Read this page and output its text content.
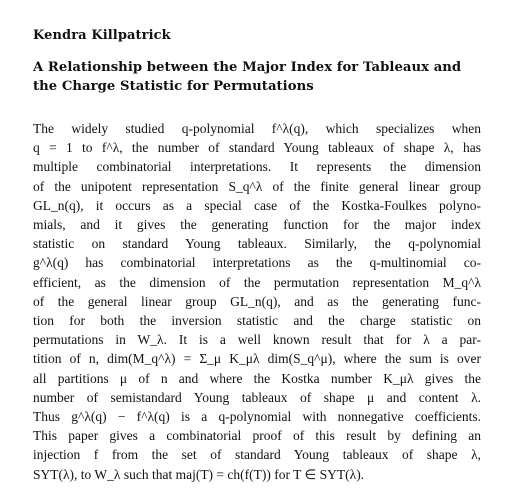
Kendra Killpatrick
A Relationship between the Major Index for Tableaux and
the Charge Statistic for Permutations
The widely studied q-polynomial f^λ(q), which specializes when
q = 1 to f^λ, the number of standard Young tableaux of shape λ, has
multiple combinatorial interpretations. It represents the dimension
of the unipotent representation S_q^λ of the finite general linear group
GL_n(q), it occurs as a special case of the Kostka-Foulkes polyno-
mials, and it gives the generating function for the major index
statistic on standard Young tableaux. Similarly, the q-polynomial
g^λ(q) has combinatorial interpretations as the q-multinomial co-
efficient, as the dimension of the permutation representation M_q^λ
of the general linear group GL_n(q), and as the generating func-
tion for both the inversion statistic and the charge statistic on
permutations in W_λ. It is a well known result that for λ a par-
tition of n, dim(M_q^λ) = Σ_μ K_μλ dim(S_q^μ), where the sum is over
all partitions μ of n and where the Kostka number K_μλ gives the
number of semistandard Young tableaux of shape μ and content λ.
Thus g^λ(q) − f^λ(q) is a q-polynomial with nonnegative coefficients.
This paper gives a combinatorial proof of this result by defining an
injection f from the set of standard Young tableaux of shape λ,
SYT(λ), to W_λ such that maj(T) = ch(f(T)) for T ∈ SYT(λ).
